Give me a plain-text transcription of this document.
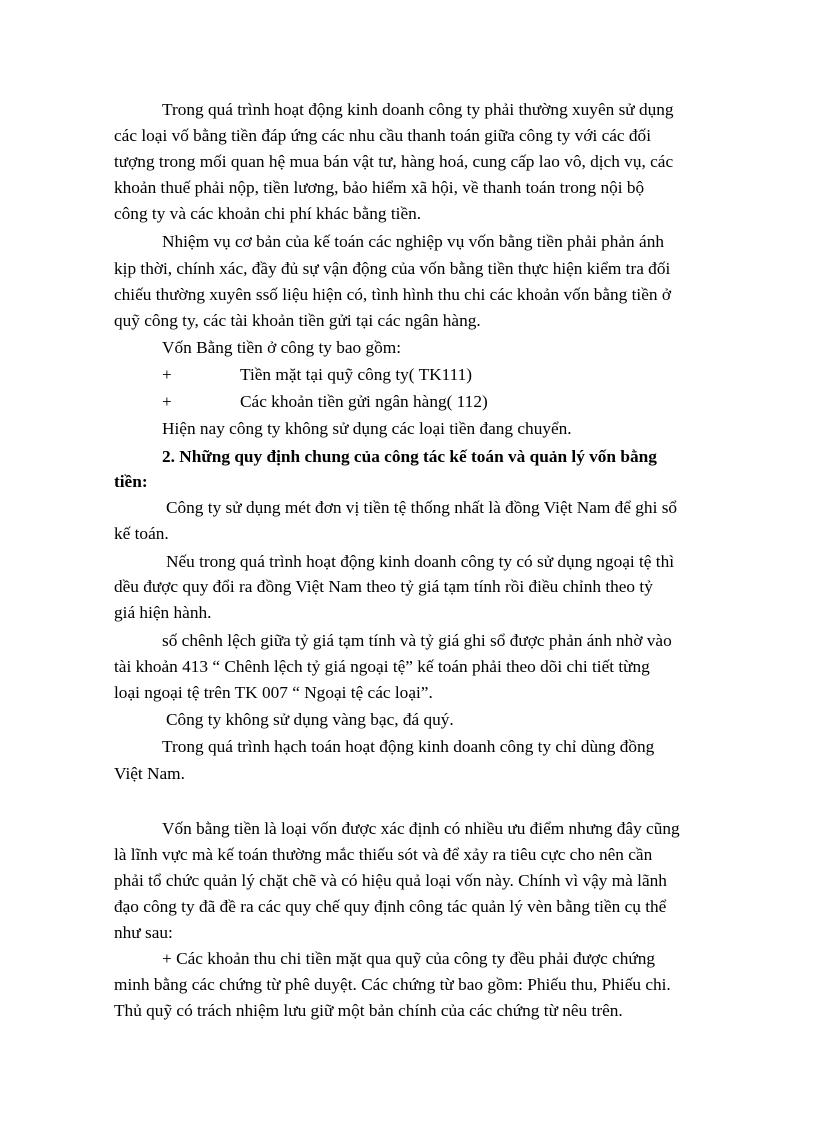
Trong quá trình hoạt động kinh doanh công ty phải thường xuyên sử dụng
các loại vố bằng tiền đáp ứng các nhu cầu thanh toán giữa công ty với các đối
tượng trong mối quan hệ mua bán vật tư, hàng hoá, cung cấp lao vô, dịch vụ, các
khoản thuế phải nộp, tiền lương, bảo hiểm xã hội, về thanh toán trong nội bộ
công ty và các khoản chi phí khác bằng tiền.
Nhiệm vụ cơ bản của kế toán các nghiệp vụ vốn bằng tiền phải phản ánh
kịp thời, chính xác, đầy đủ sự vận động của vốn bằng tiền thực hiện kiểm tra đối
chiếu thường xuyên ssố liệu hiện có, tình hình thu chi các khoản vốn bằng tiền ở
quỹ công ty, các tài khoản tiền gửi tại các ngân hàng.
Vốn Bằng tiền ở công ty bao gồm:
+	Tiền mặt tại quỹ công ty( TK111)
+	Các khoản tiền gửi ngân hàng( 112)
Hiện nay công ty không sử dụng các loại tiền đang chuyển.
2. Những quy định chung của công tác kế toán và quản lý vốn bằng
tiền:
Công ty sử dụng mét đơn vị tiền tệ thống nhất là đồng Việt Nam để ghi sổ
kế toán.
Nếu trong quá trình hoạt động kinh doanh công ty có sử dụng ngoại tệ thì
dều được quy đổi ra đồng Việt Nam theo tỷ giá tạm tính rồi điều chỉnh theo tỷ
giá hiện hành.
số chênh lệch giữa tỷ giá tạm tính và tỷ giá ghi sổ được phản ánh nhờ vào
tài khoản 413 “ Chênh lệch tỷ giá ngoại tệ” kế toán phải theo dõi chi tiết từng
loại ngoại tệ trên TK 007 “ Ngoại tệ các loại”.
Công ty không sử dụng vàng bạc, đá quý.
Trong quá trình hạch toán hoạt động kinh doanh công ty chỉ dùng đồng
Việt Nam.
Vốn bằng tiền là loại vốn được xác định có nhiều ưu điểm nhưng đây cũng
là lĩnh vực mà kế toán thường mắc thiếu sót và để xảy ra tiêu cực cho nên cần
phải tổ chức quản lý chặt chẽ và có hiệu quả loại vốn này. Chính vì vậy mà lãnh
đạo công ty đã đề ra các quy chế quy định công tác quản lý vèn bằng tiền cụ thể
như sau:
+ Các khoản thu chi tiền mặt qua quỹ của công ty đều phải được chứng
minh bằng các chứng từ phê duyệt. Các chứng từ bao gồm: Phiếu thu, Phiếu chi.
Thủ quỹ có trách nhiệm lưu giữ một bản chính của các chứng từ nêu trên.
